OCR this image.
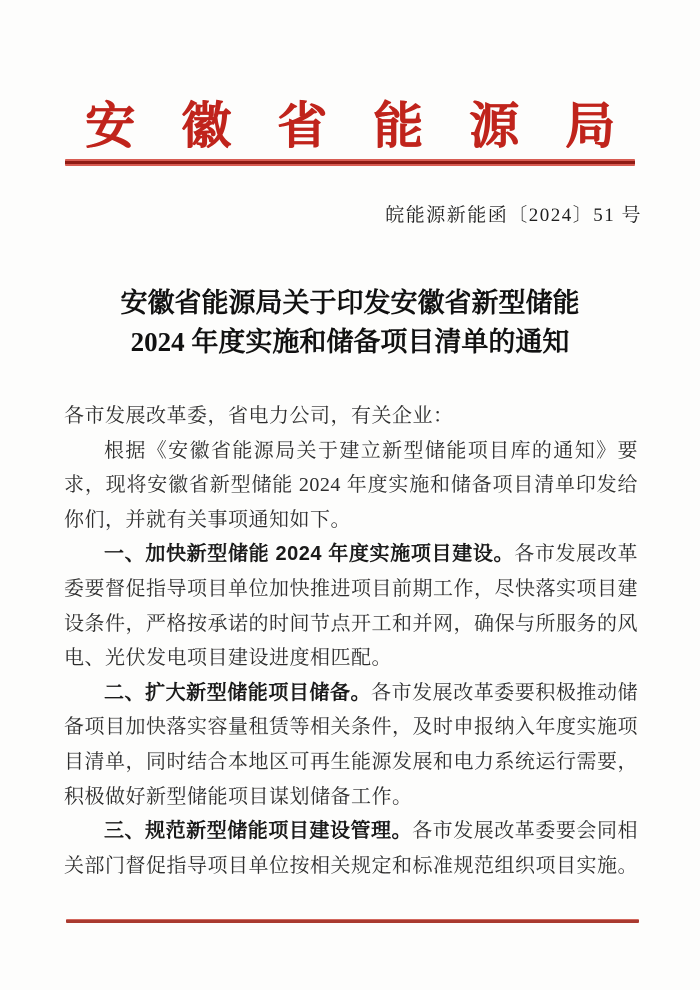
安徽省能源局
皖能源新能函〔2024〕51 号
安徽省能源局关于印发安徽省新型储能
2024 年度实施和储备项目清单的通知

各市发展改革委，省电力公司，有关企业：

根据《安徽省能源局关于建立新型储能项目库的通知》要求，现将安徽省新型储能 2024 年度实施和储备项目清单印发给你们，并就有关事项通知如下。

一、加快新型储能 2024 年度实施项目建设。各市发展改革委要督促指导项目单位加快推进项目前期工作，尽快落实项目建设条件，严格按承诺的时间节点开工和并网，确保与所服务的风电、光伏发电项目建设进度相匹配。

二、扩大新型储能项目储备。各市发展改革委要积极推动储备项目加快落实容量租赁等相关条件，及时申报纳入年度实施项目清单，同时结合本地区可再生能源发展和电力系统运行需要，积极做好新型储能项目谋划储备工作。

三、规范新型储能项目建设管理。各市发展改革委要会同相关部门督促指导项目单位按相关规定和标准规范组织项目实施。
